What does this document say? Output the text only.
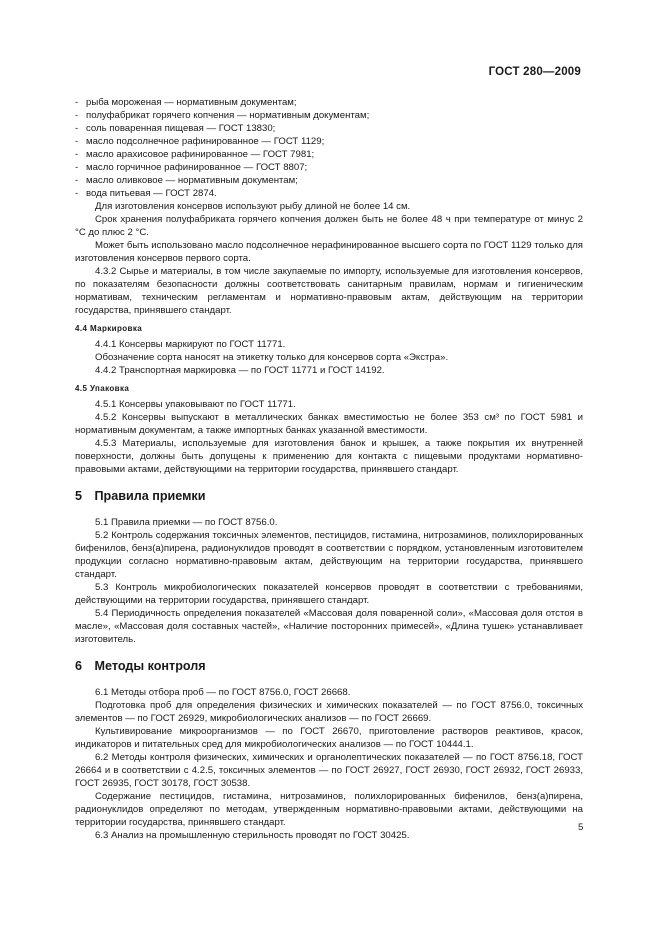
ГОСТ 280—2009

- рыба мороженая — нормативным документам;

- полуфабрикат горячего копчения — нормативным документам;

- соль поваренная пищевая — ГОСТ 13830;

- масло подсолнечное рафинированное — ГОСТ 1129;

- масло арахисовое рафинированное — ГОСТ 7981;

- масло горчичное рафинированное — ГОСТ 8807;

- масло оливковое — нормативным документам;

- вода питьевая — ГОСТ 2874.

Для изготовления консервов используют рыбу длиной не более 14 см.

Срок хранения полуфабриката горячего копчения должен быть не более 48 ч при температуре от минус 2 °С до плюс 2 °С.

Может быть использовано масло подсолнечное нерафинированное высшего сорта по ГОСТ 1129 только для изготовления консервов первого сорта.

4.3.2 Сырье и материалы, в том числе закупаемые по импорту, используемые для изготовления консервов, по показателям безопасности должны соответствовать санитарным правилам, нормам и гигиеническим нормативам, техническим регламентам и нормативно-правовым актам, действующим на территории государства, принявшего стандарт.

4.4 Маркировка

4.4.1 Консервы маркируют по ГОСТ 11771.

Обозначение сорта наносят на этикетку только для консервов сорта «Экстра».

4.4.2 Транспортная маркировка — по ГОСТ 11771 и ГОСТ 14192.

4.5 Упаковка

4.5.1 Консервы упаковывают по ГОСТ 11771.

4.5.2 Консервы выпускают в металлических банках вместимостью не более 353 см³ по ГОСТ 5981 и нормативным документам, а также импортных банках указанной вместимости.

4.5.3 Материалы, используемые для изготовления банок и крышек, а также покрытия их внутренней поверхности, должны быть допущены к применению для контакта с пищевыми продуктами нормативно-правовыми актами, действующими на территории государства, принявшего стандарт.

5 Правила приемки

5.1 Правила приемки — по ГОСТ 8756.0.

5.2 Контроль содержания токсичных элементов, пестицидов, гистамина, нитрозаминов, полихлорированных бифенилов, бенз(а)пирена, радионуклидов проводят в соответствии с порядком, установленным изготовителем продукции согласно нормативно-правовым актам, действующим на территории государства, принявшего стандарт.

5.3 Контроль микробиологических показателей консервов проводят в соответствии с требованиями, действующими на территории государства, принявшего стандарт.

5.4 Периодичность определения показателей «Массовая доля поваренной соли», «Массовая доля отстоя в масле», «Массовая доля составных частей», «Наличие посторонних примесей», «Длина тушек» устанавливает изготовитель.

6 Методы контроля

6.1 Методы отбора проб — по ГОСТ 8756.0, ГОСТ 26668.

Подготовка проб для определения физических и химических показателей — по ГОСТ 8756.0, токсичных элементов — по ГОСТ 26929, микробиологических анализов — по ГОСТ 26669.

Культивирование микроорганизмов — по ГОСТ 26670, приготовление растворов реактивов, красок, индикаторов и питательных сред для микробиологических анализов — по ГОСТ 10444.1.

6.2 Методы контроля физических, химических и органолептических показателей — по ГОСТ 8756.18, ГОСТ 26664 и в соответствии с 4.2.5, токсичных элементов — по ГОСТ 26927, ГОСТ 26930, ГОСТ 26932, ГОСТ 26933, ГОСТ 26935, ГОСТ 30178, ГОСТ 30538.

Содержание пестицидов, гистамина, нитрозаминов, полихлорированных бифенилов, бенз(а)пирена, радионуклидов определяют по методам, утвержденным нормативно-правовыми актами, действующими на территории государства, принявшего стандарт.

6.3 Анализ на промышленную стерильность проводят по ГОСТ 30425.

5
